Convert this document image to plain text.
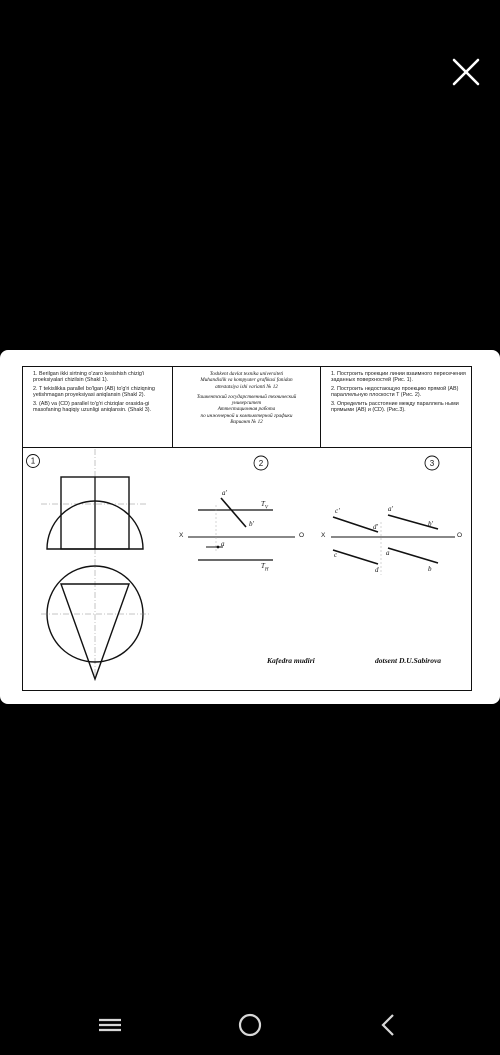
1. Berilgan ikki sirtning o'zaro kesishish chizig'i proeksiyalari chizilsin (Shakl 1).
2. T tekislikka parallel bo'lgan (AB) to'g'ri chiziqning yetishmagan proyeksiyasi aniqlansin (Shakl 2).
3. (AB) va (CD) parallel to'g'ri chiziqlar orasida-gi masofaning haqiqiy uzunligi aniqlansin. (Shakl 3).
Toshkent davlat texnika universiteti
Muhandislik va kompyuter grafikasi fanidan
attestatsiya ishi varianti № 12
Ташкентский государственный технический
университет
Аттестационная работа
по инженерной и компьютерной графики
Вариант № 12
1. Построить проекции линии взаимного пересечения заданных поверхностей (Рис. 1).
2. Построить недостающую проекцию прямой (AB) параллельную плоскости T (Рис. 2).
3. Определить расстояние между параллель ными прямыми (AB) и (CD). (Рис.3).
1	2	3
a'
b'
a
$T_V$
$T_H$
X	O
c'
d'
a'
b'
c
d
a
b
X	O
Kafedra mudiri	dotsent D.U.Sabirova
